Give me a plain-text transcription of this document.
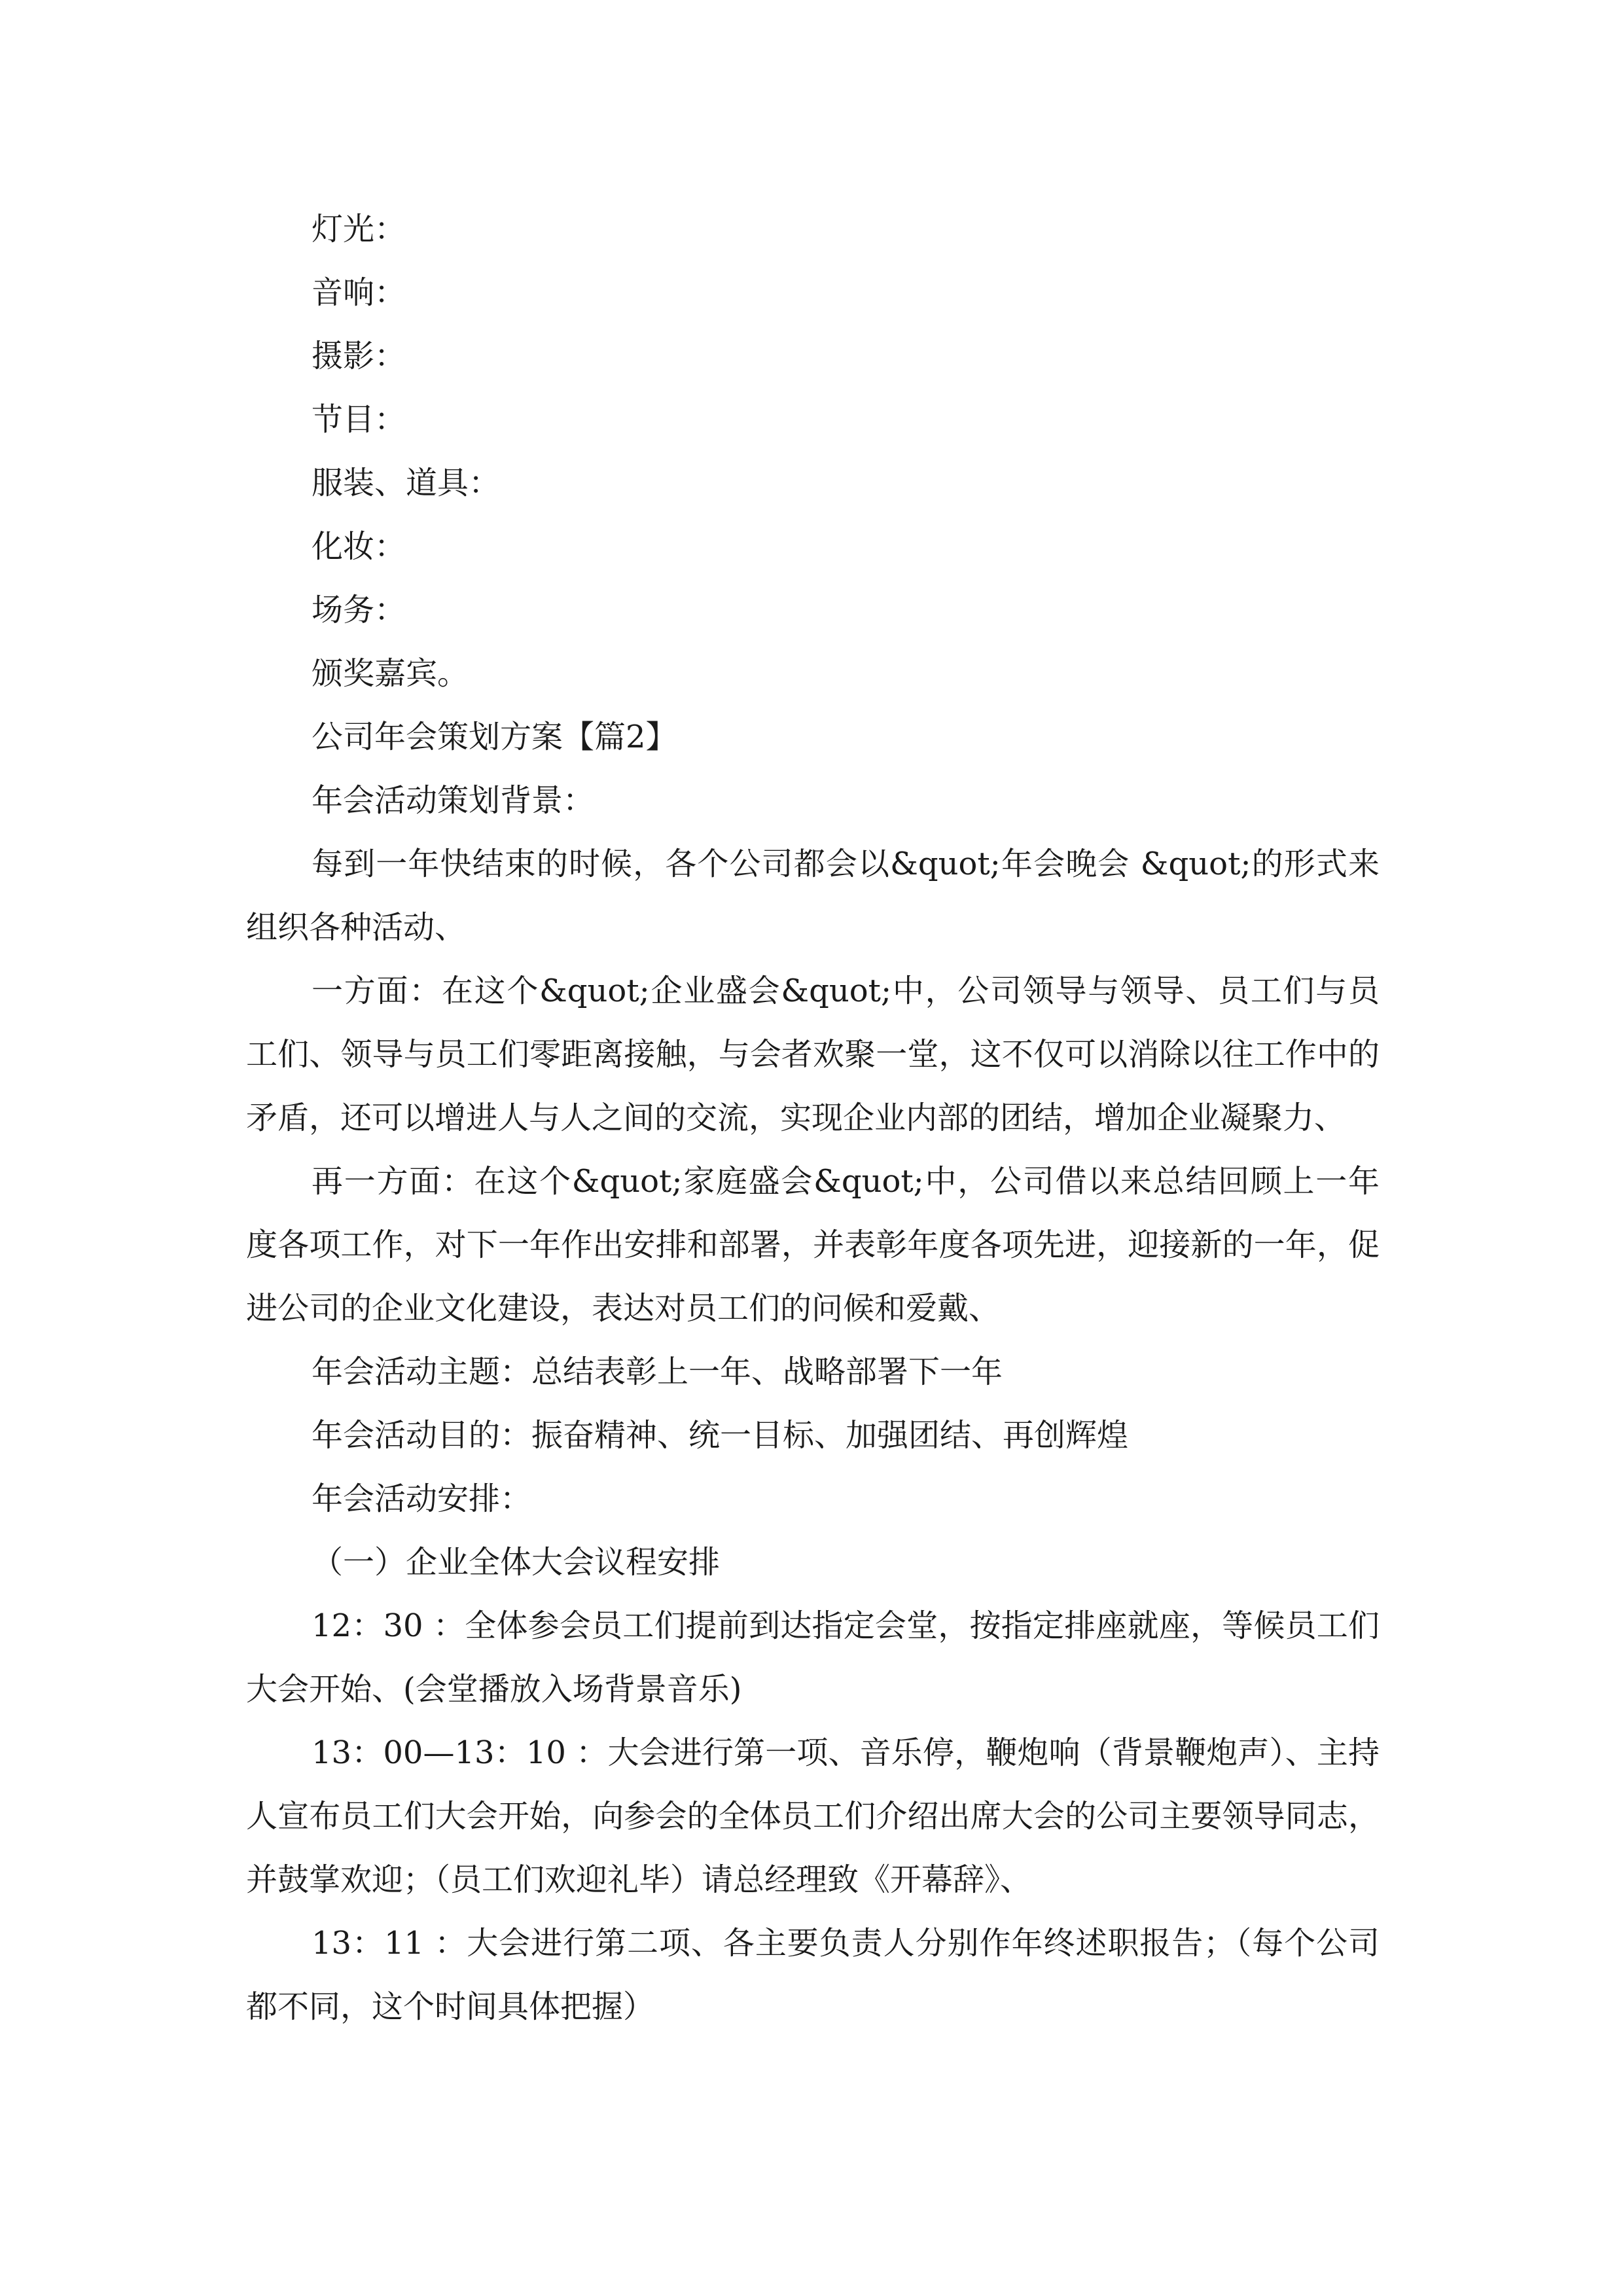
灯光：

音响：

摄影：

节目：

服装、道具：

化妆：

场务：

颁奖嘉宾。

公司年会策划方案【篇2】

年会活动策划背景：

每到一年快结束的时候，各个公司都会以&quot;年会晚会 &quot;的形式来组织各种活动、

一方面：在这个&quot;企业盛会&quot;中，公司领导与领导、员工们与员工们、领导与员工们零距离接触，与会者欢聚一堂，这不仅可以消除以往工作中的矛盾，还可以增进人与人之间的交流，实现企业内部的团结，增加企业凝聚力、

再一方面：在这个&quot;家庭盛会&quot;中，公司借以来总结回顾上一年度各项工作，对下一年作出安排和部署，并表彰年度各项先进，迎接新的一年，促进公司的企业文化建设，表达对员工们的问候和爱戴、

年会活动主题：总结表彰上一年、战略部署下一年

年会活动目的：振奋精神、统一目标、加强团结、再创辉煌

年会活动安排：

（一）企业全体大会议程安排

12：30 ：全体参会员工们提前到达指定会堂，按指定排座就座，等候员工们大会开始、(会堂播放入场背景音乐)

13：00—13：10 ：大会进行第一项、音乐停，鞭炮响（背景鞭炮声）、主持人宣布员工们大会开始，向参会的全体员工们介绍出席大会的公司主要领导同志，并鼓掌欢迎；（员工们欢迎礼毕）请总经理致《开幕辞》、

13：11 ：大会进行第二项、各主要负责人分别作年终述职报告；（每个公司都不同，这个时间具体把握）
